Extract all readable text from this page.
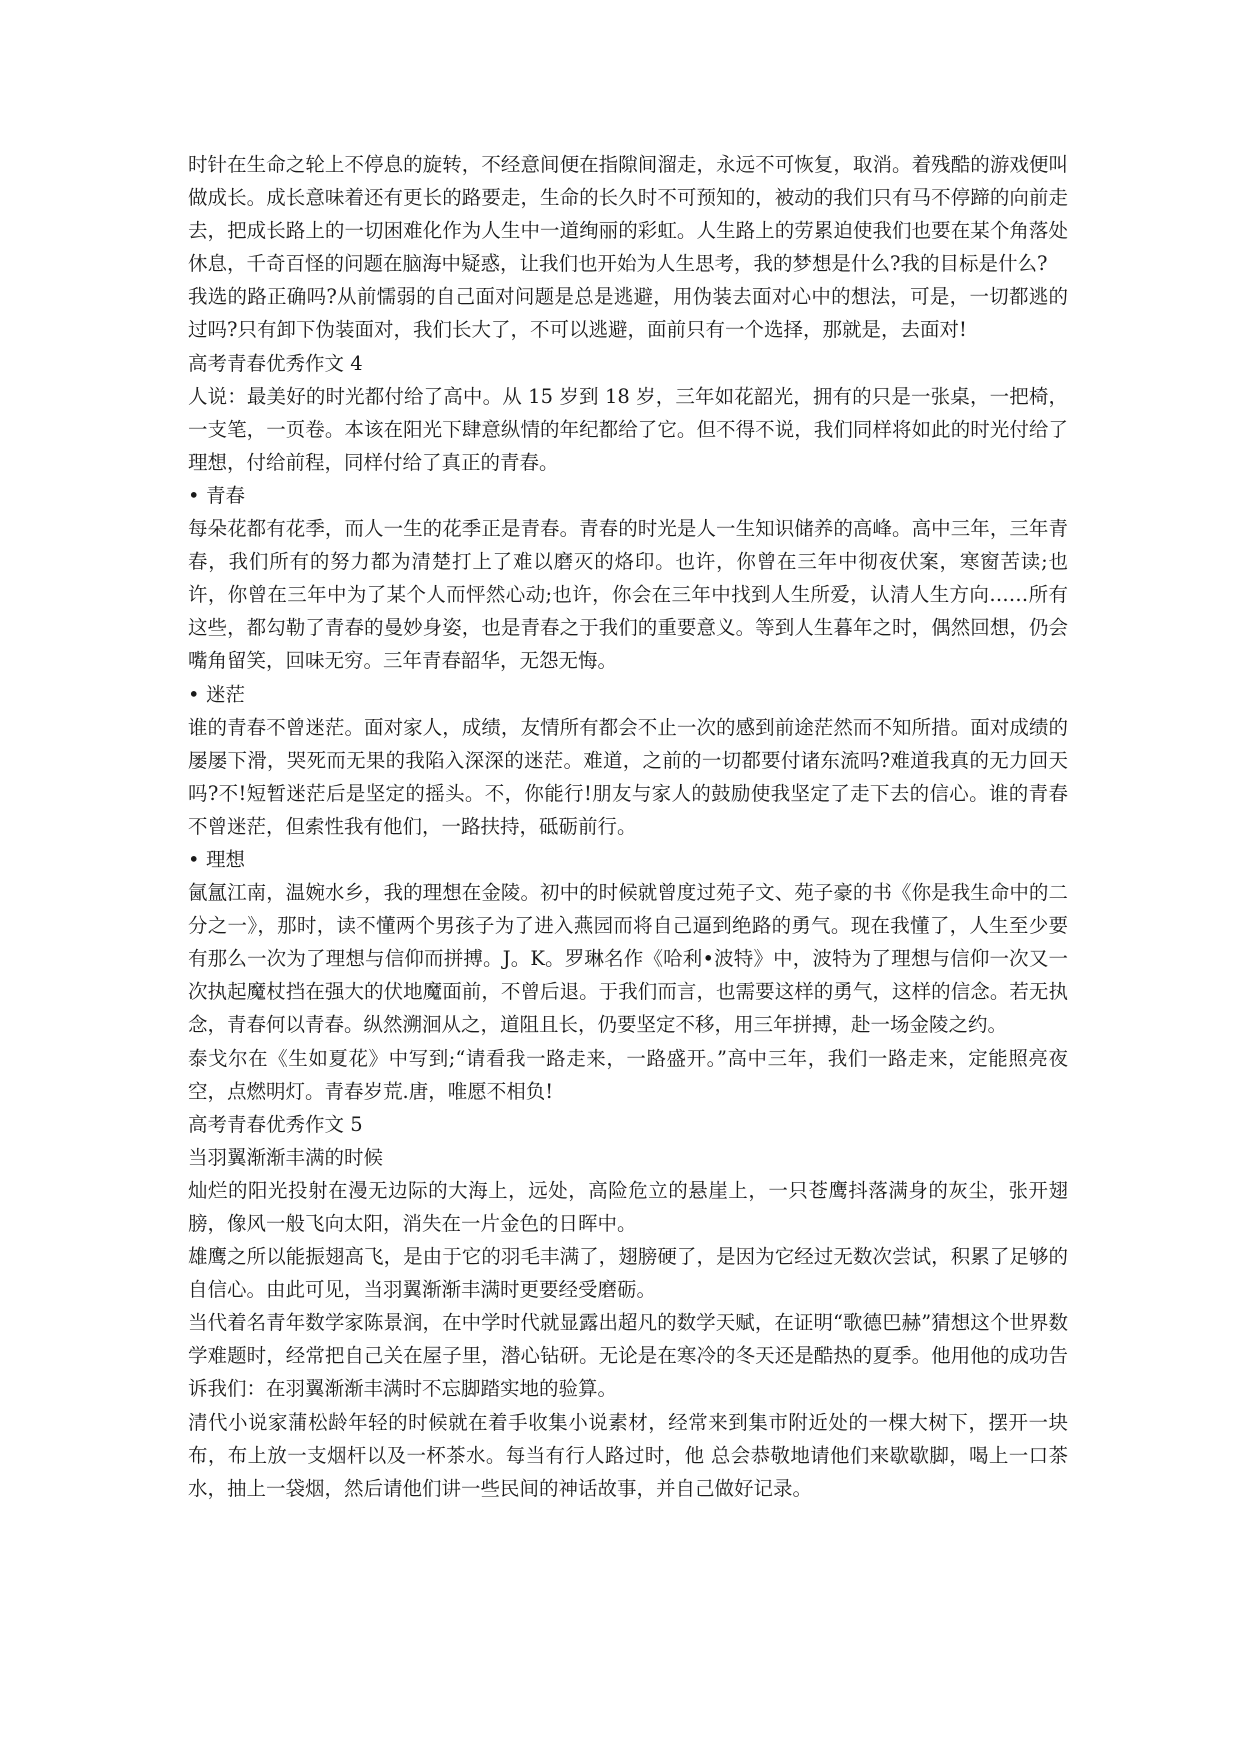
时针在生命之轮上不停息的旋转，不经意间便在指隙间溜走，永远不可恢复，取消。着残酷的游戏便叫做成长。成长意味着还有更长的路要走，生命的长久时不可预知的，被动的我们只有马不停蹄的向前走去，把成长路上的一切困难化作为人生中一道绚丽的彩虹。人生路上的劳累迫使我们也要在某个角落处休息，千奇百怪的问题在脑海中疑惑，让我们也开始为人生思考，我的梦想是什么?我的目标是什么?

我选的路正确吗?从前懦弱的自己面对问题是总是逃避，用伪装去面对心中的想法，可是，一切都逃的过吗?只有卸下伪装面对，我们长大了，不可以逃避，面前只有一个选择，那就是，去面对!

高考青春优秀作文 4

人说：最美好的时光都付给了高中。从 15 岁到 18 岁，三年如花韶光，拥有的只是一张桌，一把椅，一支笔，一页卷。本该在阳光下肆意纵情的年纪都给了它。但不得不说，我们同样将如此的时光付给了理想，付给前程，同样付给了真正的青春。

• 青春

每朵花都有花季，而人一生的花季正是青春。青春的时光是人一生知识储养的高峰。高中三年，三年青春，我们所有的努力都为清楚打上了难以磨灭的烙印。也许，你曾在三年中彻夜伏案，寒窗苦读;也许，你曾在三年中为了某个人而怦然心动;也许，你会在三年中找到人生所爱，认清人生方向……所有这些，都勾勒了青春的曼妙身姿，也是青春之于我们的重要意义。等到人生暮年之时，偶然回想，仍会嘴角留笑，回味无穷。三年青春韶华，无怨无悔。

• 迷茫

谁的青春不曾迷茫。面对家人，成绩，友情所有都会不止一次的感到前途茫然而不知所措。面对成绩的屡屡下滑，哭死而无果的我陷入深深的迷茫。难道，之前的一切都要付诸东流吗?难道我真的无力回天吗?不!短暂迷茫后是坚定的摇头。不，你能行!朋友与家人的鼓励使我坚定了走下去的信心。谁的青春不曾迷茫，但索性我有他们，一路扶持，砥砺前行。

• 理想

氤氲江南，温婉水乡，我的理想在金陵。初中的时候就曾度过苑子文、苑子豪的书《你是我生命中的二分之一》，那时，读不懂两个男孩子为了进入燕园而将自己逼到绝路的勇气。现在我懂了，人生至少要有那么一次为了理想与信仰而拼搏。J。K。罗琳名作《哈利•波特》中，波特为了理想与信仰一次又一次执起魔杖挡在强大的伏地魔面前，不曾后退。于我们而言，也需要这样的勇气，这样的信念。若无执念，青春何以青春。纵然溯洄从之，道阻且长，仍要坚定不移，用三年拼搏，赴一场金陵之约。

泰戈尔在《生如夏花》中写到;“请看我一路走来，一路盛开。”高中三年，我们一路走来，定能照亮夜空，点燃明灯。青春岁荒.唐，唯愿不相负!

高考青春优秀作文 5

当羽翼渐渐丰满的时候

灿烂的阳光投射在漫无边际的大海上，远处，高险危立的悬崖上，一只苍鹰抖落满身的灰尘，张开翅膀，像风一般飞向太阳，消失在一片金色的日晖中。

雄鹰之所以能振翅高飞，是由于它的羽毛丰满了，翅膀硬了，是因为它经过无数次尝试，积累了足够的自信心。由此可见，当羽翼渐渐丰满时更要经受磨砺。

当代着名青年数学家陈景润，在中学时代就显露出超凡的数学天赋，在证明“歌德巴赫”猜想这个世界数学难题时，经常把自己关在屋子里，潜心钻研。无论是在寒冷的冬天还是酷热的夏季。他用他的成功告诉我们：在羽翼渐渐丰满时不忘脚踏实地的验算。

清代小说家蒲松龄年轻的时候就在着手收集小说素材，经常来到集市附近处的一棵大树下，摆开一块布，布上放一支烟杆以及一杯茶水。每当有行人路过时，他 总会恭敬地请他们来歇歇脚，喝上一口茶水，抽上一袋烟，然后请他们讲一些民间的神话故事，并自己做好记录。
